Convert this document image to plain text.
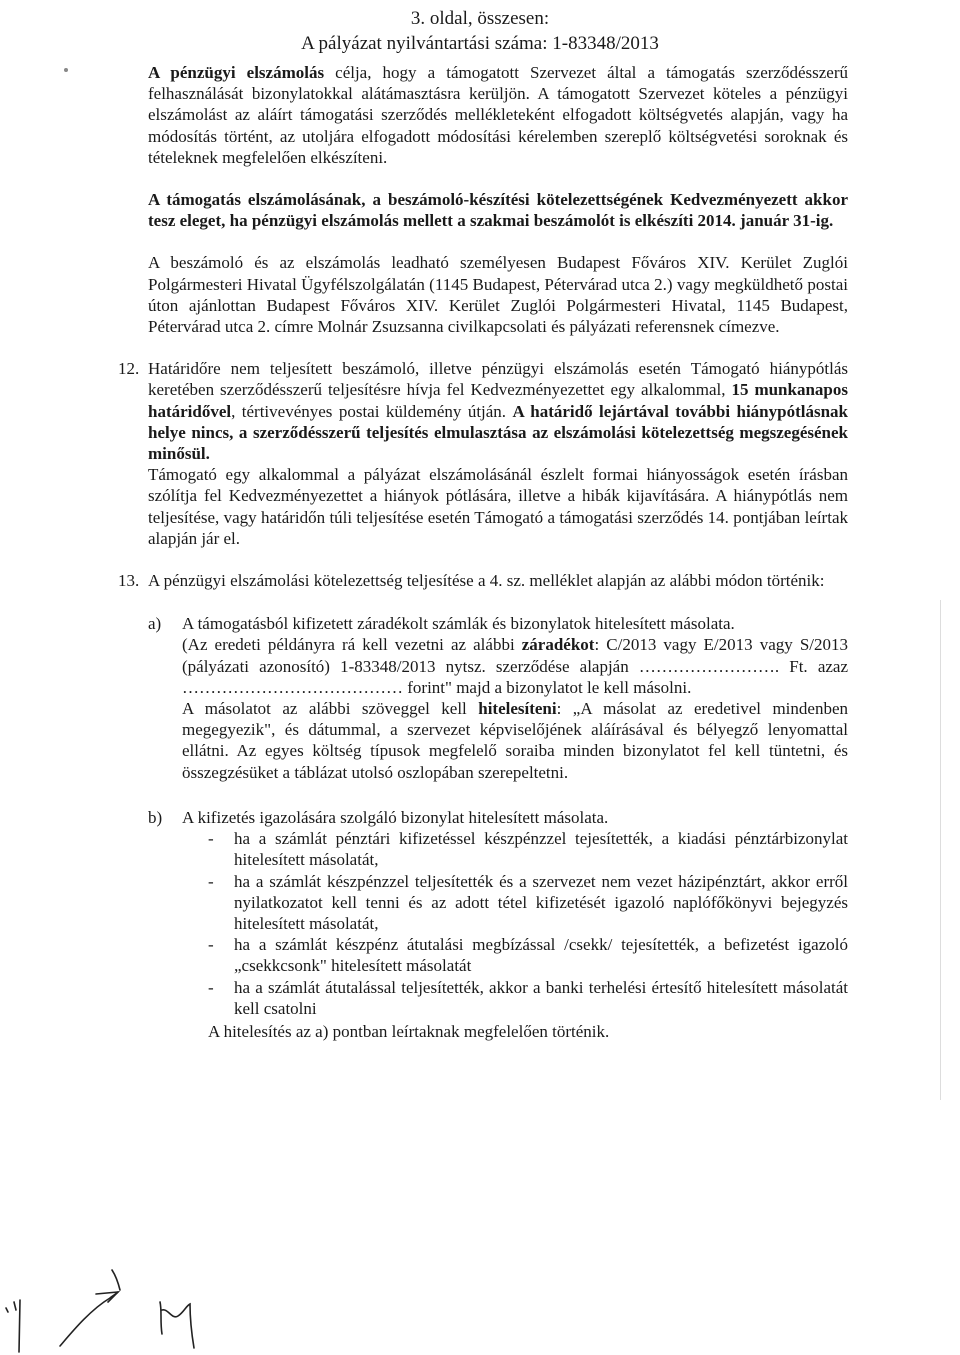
3. oldal, összesen:
A pályázat nyilvántartási száma: 1-83348/2013

A pénzügyi elszámolás célja, hogy a támogatott Szervezet által a támogatás szerződésszerű felhasználását bizonylatokkal alátámasztásra kerüljön. A támogatott Szervezet köteles a pénzügyi elszámolást az aláírt támogatási szerződés mellékleteként elfogadott költségvetés alapján, vagy ha módosítás történt, az utoljára elfogadott módosítási kérelemben szereplő költségvetési soroknak és tételeknek megfelelően elkészíteni.

A támogatás elszámolásának, a beszámoló-készítési kötelezettségének Kedvezményezett akkor tesz eleget, ha pénzügyi elszámolás mellett a szakmai beszámolót is elkészíti 2014. január 31-ig.

A beszámoló és az elszámolás leadható személyesen Budapest Főváros XIV. Kerület Zuglói Polgármesteri Hivatal Ügyfélszolgálatán (1145 Budapest, Pétervárad utca 2.) vagy megküldhető postai úton ajánlottan Budapest Főváros XIV. Kerület Zuglói Polgármesteri Hivatal, 1145 Budapest, Pétervárad utca 2. címre Molnár Zsuzsanna civilkapcsolati és pályázati referensnek címezve.

12. Határidőre nem teljesített beszámoló, illetve pénzügyi elszámolás esetén Támogató hiánypótlás keretében szerződésszerű teljesítésre hívja fel Kedvezményezettet egy alkalommal, 15 munkanapos határidővel, tértivevényes postai küldemény útján. A határidő lejártával további hiánypótlásnak helye nincs, a szerződésszerű teljesítés elmulasztása az elszámolási kötelezettség megszegésének minősül.
Támogató egy alkalommal a pályázat elszámolásánál észlelt formai hiányosságok esetén írásban szólítja fel Kedvezményezettet a hiányok pótlására, illetve a hibák kijavítására. A hiánypótlás nem teljesítése, vagy határidőn túli teljesítése esetén Támogató a támogatási szerződés 14. pontjában leírtak alapján jár el.
13. A pénzügyi elszámolási kötelezettség teljesítése a 4. sz. melléklet alapján az alábbi módon történik:
a) A támogatásból kifizetett záradékolt számlák és bizonylatok hitelesített másolata.

(Az eredeti példányra rá kell vezetni az alábbi záradékot: C/2013 vagy E/2013 vagy S/2013 (pályázati azonosító) 1-83348/2013 nytsz. szerződése alapján ……………………. Ft. azaz ………………………………… forint" majd a bizonylatot le kell másolni.

A másolatot az alábbi szöveggel kell hitelesíteni: „A másolat az eredetivel mindenben megegyezik", és dátummal, a szervezet képviselőjének aláírásával és bélyegző lenyomattal ellátni. Az egyes költség típusok megfelelő soraiba minden bizonylatot fel kell tüntetni, és összegzésüket a táblázat utolsó oszlopában szerepeltetni.

b) A kifizetés igazolására szolgáló bizonylat hitelesített másolata.

- ha a számlát pénztári kifizetéssel készpénzzel tejesítették, a kiadási pénztárbizonylat hitelesített másolatát,
- ha a számlát készpénzzel teljesítették és a szervezet nem vezet házipénztárt, akkor erről nyilatkozatot kell tenni és az adott tétel kifizetését igazoló naplófőkönyvi bejegyzés hitelesített másolatát,
- ha a számlát készpénz átutalási megbízással /csekk/ tejesítették, a befizetést igazoló „csekkcsonk" hitelesített másolatát
- ha a számlát átutalással teljesítették, akkor a banki terhelési értesítő hitelesített másolatát kell csatolni
A hitelesítés az a) pontban leírtaknak megfelelően történik.
